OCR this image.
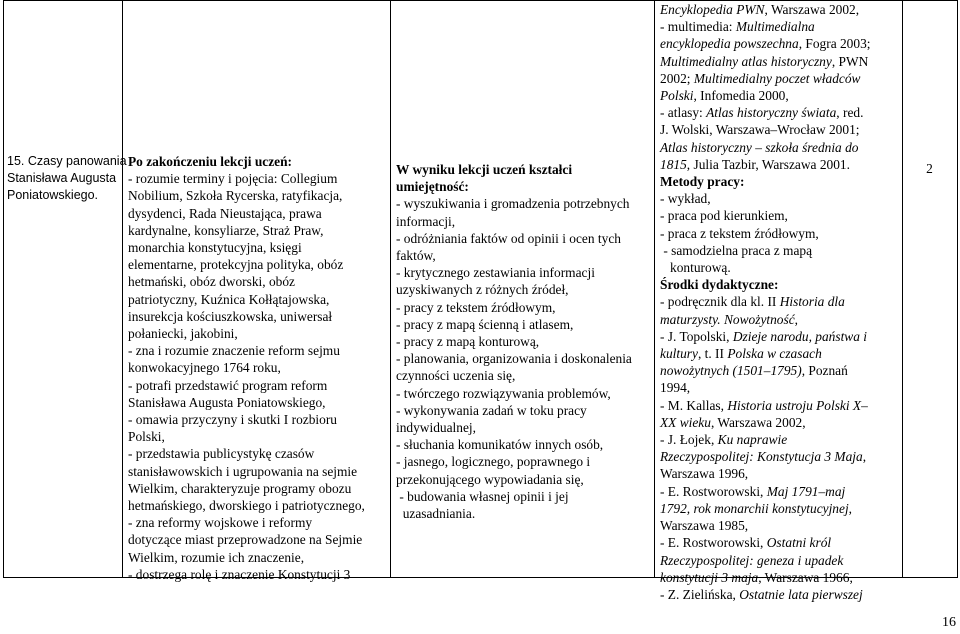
15. Czasy panowania
Stanisława Augusta
Poniatowskiego.
Po zakończeniu lekcji uczeń:
- rozumie terminy i pojęcia: Collegium
Nobilium, Szkoła Rycerska, ratyfikacja,
dysydenci, Rada Nieustająca, prawa
kardynalne, konsyliarze, Straż Praw,
monarchia konstytucyjna, księgi
elementarne, protekcyjna polityka, obóz
hetmański, obóz dworski, obóz
patriotyczny, Kuźnica Kołłątajowska,
insurekcja kościuszkowska, uniwersał
połaniecki, jakobini,
- zna i rozumie znaczenie reform sejmu
konwokacyjnego 1764 roku,
- potrafi przedstawić program reform
Stanisława Augusta Poniatowskiego,
- omawia przyczyny i skutki I rozbioru
Polski,
- przedstawia publicystykę czasów
stanisławowskich i ugrupowania na sejmie
Wielkim, charakteryzuje programy obozu
hetmańskiego, dworskiego i patriotycznego,
- zna reformy wojskowe i reformy
dotyczące miast przeprowadzone na Sejmie
Wielkim, rozumie ich znaczenie,
- dostrzega rolę i znaczenie Konstytucji 3
W wyniku lekcji uczeń kształci
umiejętność:
- wyszukiwania i gromadzenia potrzebnych
informacji,
- odróżniania faktów od opinii i ocen tych
faktów,
- krytycznego zestawiania informacji
uzyskiwanych z różnych źródeł,
- pracy z tekstem źródłowym,
- pracy z mapą ścienną i atlasem,
- pracy z mapą konturową,
- planowania, organizowania i doskonalenia
czynności uczenia się,
- twórczego rozwiązywania problemów,
- wykonywania zadań w toku pracy
indywidualnej,
- słuchania komunikatów innych osób,
- jasnego, logicznego, poprawnego i
przekonującego wypowiadania się,
- budowania własnej opinii i jej
uzasadniania.
Encyklopedia PWN, Warszawa 2002,
- multimedia: Multimedialna
encyklopedia powszechna, Fogra 2003;
Multimedialny atlas historyczny, PWN
2002; Multimedialny poczet władców
Polski, Infomedia 2000,
- atlasy: Atlas historyczny świata, red.
J. Wolski, Warszawa–Wrocław 2001;
Atlas historyczny – szkoła średnia do
1815, Julia Tazbir, Warszawa 2001.
Metody pracy:
- wykład,
- praca pod kierunkiem,
- praca z tekstem źródłowym,
- samodzielna praca z mapą
konturową.
Środki dydaktyczne:
- podręcznik dla kl. II Historia dla
maturzysty. Nowożytność,
- J. Topolski, Dzieje narodu, państwa i
kultury, t. II Polska w czasach
nowożytnych (1501–1795), Poznań
1994,
- M. Kallas, Historia ustroju Polski X–
XX wieku, Warszawa 2002,
- J. Łojek, Ku naprawie
Rzeczypospolitej: Konstytucja 3 Maja,
Warszawa 1996,
- E. Rostworowski, Maj 1791–maj
1792, rok monarchii konstytucyjnej,
Warszawa 1985,
- E. Rostworowski, Ostatni król
Rzeczypospolitej: geneza i upadek
konstytucji 3 maja, Warszawa 1966,
- Z. Zielińska, Ostatnie lata pierwszej
2
16
